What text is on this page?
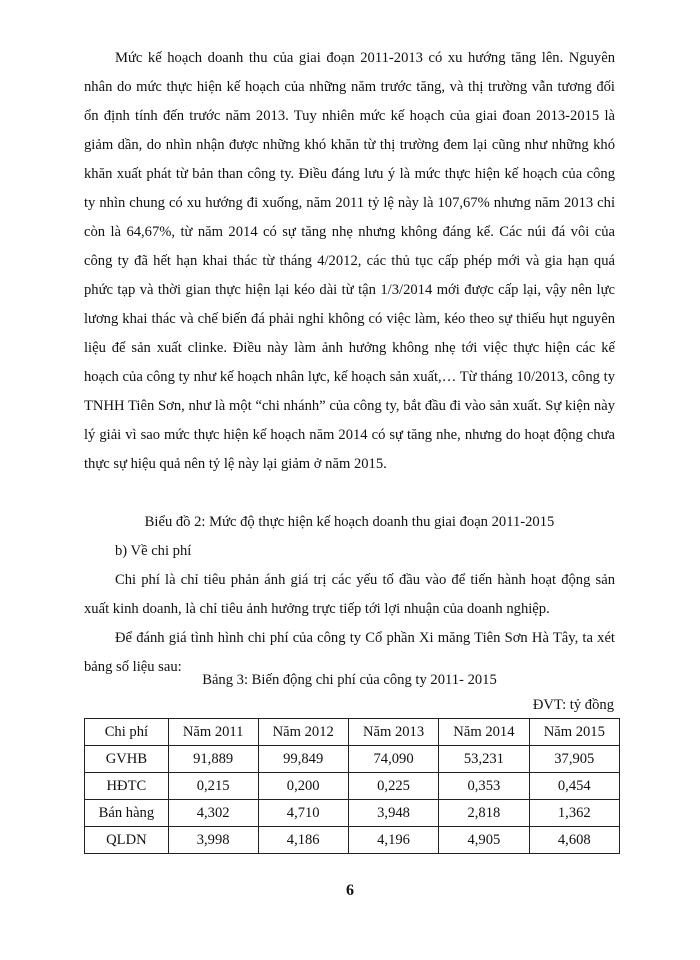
Mức kế hoạch doanh thu của giai đoạn 2011-2013 có xu hướng tăng lên. Nguyên nhân do mức thực hiện kế hoạch của những năm trước tăng, và thị trường vẫn tương đối ổn định tính đến trước năm 2013. Tuy nhiên mức kế hoạch của giai đoan 2013-2015 là giảm dần, do nhìn nhận được những khó khăn từ thị trường đem lại cũng như những khó khăn xuất phát từ bản than công ty. Điều đáng lưu ý là mức thực hiện kế hoạch của công ty nhìn chung có xu hướng đi xuống, năm 2011 tỷ lệ này là 107,67% nhưng năm 2013 chỉ còn là 64,67%, từ năm 2014 có sự tăng nhẹ nhưng không đáng kể. Các núi đá vôi của công ty đã hết hạn khai thác từ tháng 4/2012, các thủ tục cấp phép mới và gia hạn quá phức tạp và thời gian thực hiện lại kéo dài từ tận 1/3/2014 mới được cấp lại, vậy nên lực lương khai thác và chế biến đá phải nghỉ không có việc làm, kéo theo sự thiếu hụt nguyên liệu để sản xuất clinke. Điều này làm ảnh hưởng không nhẹ tới việc thực hiện các kế hoạch của công ty như kế hoạch nhân lực, kế hoạch sản xuất,… Từ tháng 10/2013, công ty TNHH Tiên Sơn, như là một “chi nhánh” của công ty, bắt đầu đi vào sản xuất. Sự kiện này lý giải vì sao mức thực hiện kế hoạch năm 2014 có sự tăng nhe, nhưng do hoạt động chưa thực sự hiệu quả nên tỷ lệ này lại giảm ở năm 2015.
Biểu đồ 2: Mức độ thực hiện kế hoạch doanh thu giai đoạn 2011-2015
b) Về chi phí
Chi phí là chỉ tiêu phản ánh giá trị các yếu tố đầu vào để tiến hành hoạt động sản xuất kinh doanh, là chỉ tiêu ảnh hưởng trực tiếp tới lợi nhuận của doanh nghiệp.
Để đánh giá tình hình chi phí của công ty Cổ phần Xi măng Tiên Sơn Hà Tây, ta xét bảng số liệu sau:
Bảng 3: Biến động chi phí của công ty 2011- 2015
ĐVT: tỷ đồng
Chi phí	Năm 2011	Năm 2012	Năm 2013	Năm 2014	Năm 2015
GVHB	91,889	99,849	74,090	53,231	37,905
HĐTC	0,215	0,200	0,225	0,353	0,454
Bán hàng	4,302	4,710	3,948	2,818	1,362
QLDN	3,998	4,186	4,196	4,905	4,608
6
